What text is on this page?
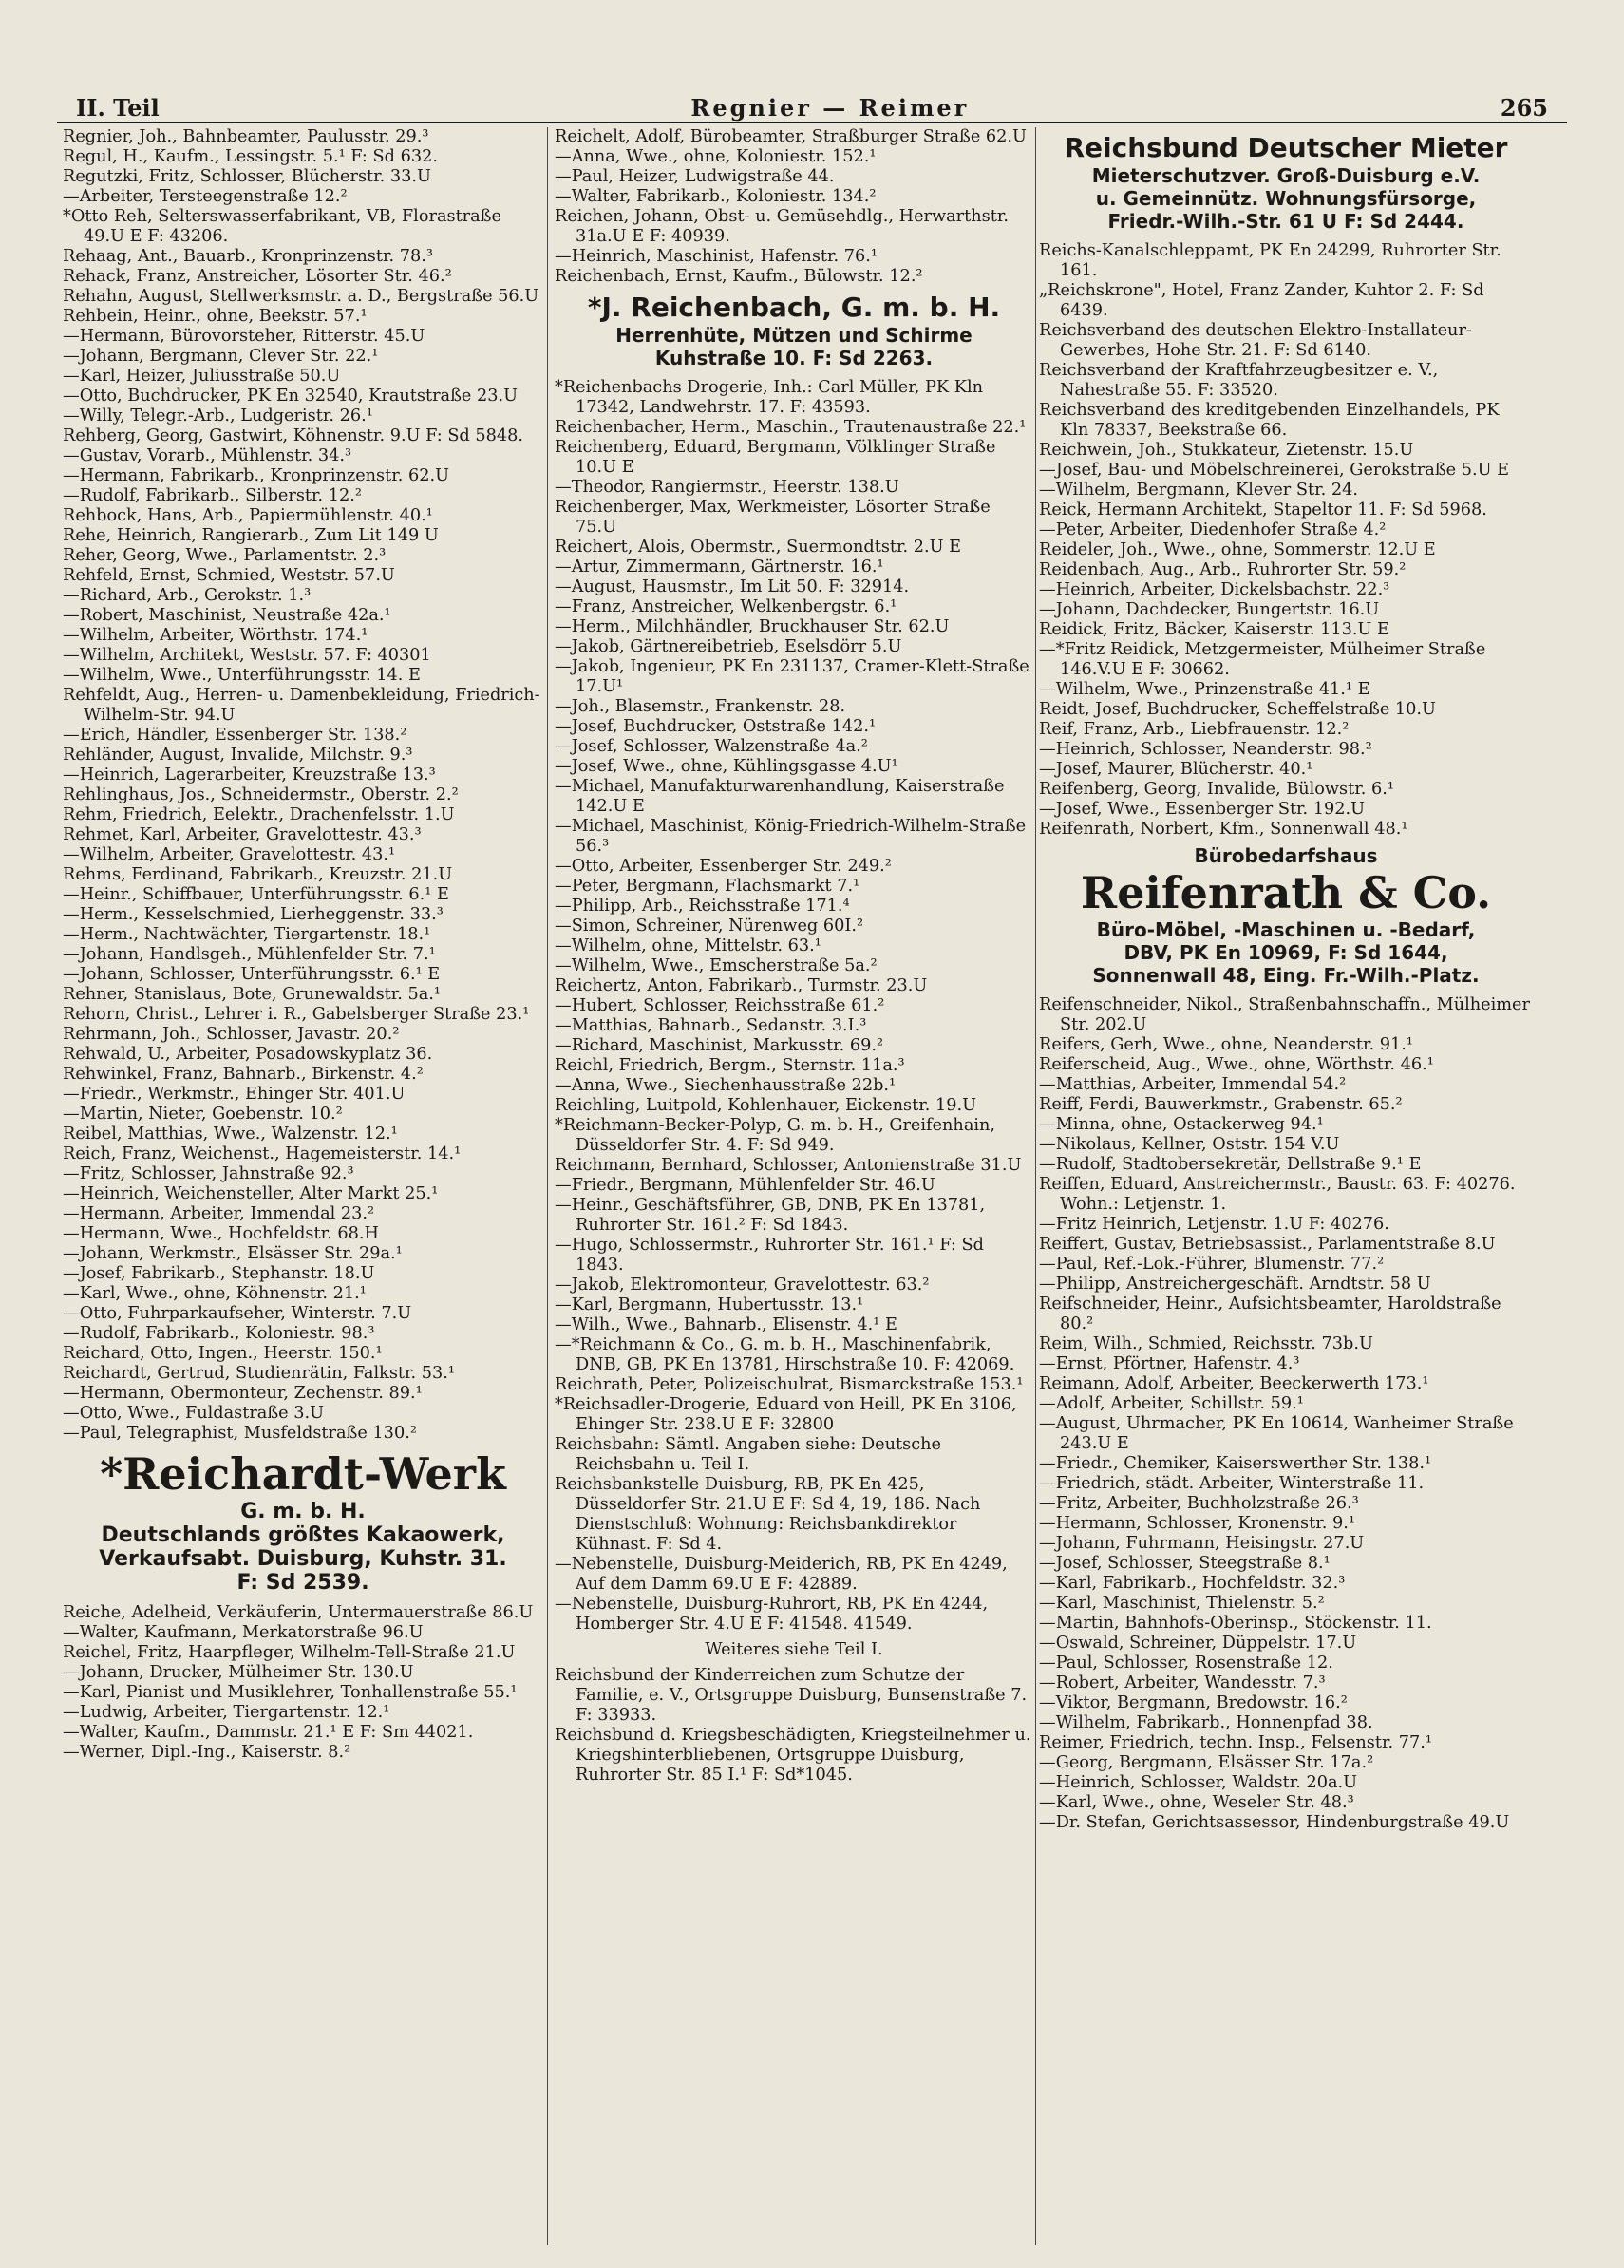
II. Teil	Regnier — Reimer	265
Regnier, Joh., Bahnbeamter, Paulusstr. 29.³
Regul, H., Kaufm., Lessingstr. 5.¹ F: Sd 632.
Regutzki, Fritz, Schlosser, Blücherstr. 33.U
—Arbeiter, Tersteegenstraße 12.²
*Otto Reh, Selterswasserfabrikant, VB, Florastraße 49.U E F: 43206.
Rehaag, Ant., Bauarb., Kronprinzenstr. 78.³
Rehack, Franz, Anstreicher, Lösorter Str. 46.²
Rehahn, August, Stellwerksmstr. a. D., Bergstraße 56.U
Rehbein, Heinr., ohne, Beekstr. 57.¹
—Hermann, Bürovorsteher, Ritterstr. 45.U
—Johann, Bergmann, Clever Str. 22.¹
—Karl, Heizer, Juliusstraße 50.U
—Otto, Buchdrucker, PK En 32540, Krautstraße 23.U
—Willy, Telegr.-Arb., Ludgeristr. 26.¹
Rehberg, Georg, Gastwirt, Köhnenstr. 9.U F: Sd 5848.
—Gustav, Vorarb., Mühlenstr. 34.³
—Hermann, Fabrikarb., Kronprinzenstr. 62.U
—Rudolf, Fabrikarb., Silberstr. 12.²
Rehbock, Hans, Arb., Papiermühlenstr. 40.¹
Rehe, Heinrich, Rangierarb., Zum Lit 149 U
Reher, Georg, Wwe., Parlamentstr. 2.³
Rehfeld, Ernst, Schmied, Weststr. 57.U
—Richard, Arb., Gerokstr. 1.³
—Robert, Maschinist, Neustraße 42a.¹
—Wilhelm, Arbeiter, Wörthstr. 174.¹
—Wilhelm, Architekt, Weststr. 57. F: 40301
—Wilhelm, Wwe., Unterführungsstr. 14. E
Rehfeldt, Aug., Herren- u. Damenbekleidung, Friedrich-Wilhelm-Str. 94.U
—Erich, Händler, Essenberger Str. 138.²
Rehländer, August, Invalide, Milchstr. 9.³
—Heinrich, Lagerarbeiter, Kreuzstraße 13.³
Rehlinghaus, Jos., Schneidermstr., Oberstr. 2.²
Rehm, Friedrich, Eelektr., Drachenfelsstr. 1.U
Rehmet, Karl, Arbeiter, Gravelottestr. 43.³
—Wilhelm, Arbeiter, Gravelottestr. 43.¹
Rehms, Ferdinand, Fabrikarb., Kreuzstr. 21.U
—Heinr., Schiffbauer, Unterführungsstr. 6.¹ E
—Herm., Kesselschmied, Lierheggenstr. 33.³
—Herm., Nachtwächter, Tiergartenstr. 18.¹
—Johann, Handlsgeh., Mühlenfelder Str. 7.¹
—Johann, Schlosser, Unterführungsstr. 6.¹ E
Rehner, Stanislaus, Bote, Grunewaldstr. 5a.¹
Rehorn, Christ., Lehrer i. R., Gabelsberger Straße 23.¹
Rehrmann, Joh., Schlosser, Javastr. 20.²
Rehwald, U., Arbeiter, Posadowskyplatz 36.
Rehwinkel, Franz, Bahnarb., Birkenstr. 4.²
—Friedr., Werkmstr., Ehinger Str. 401.U
—Martin, Nieter, Goebenstr. 10.²
Reibel, Matthias, Wwe., Walzenstr. 12.¹
Reich, Franz, Weichenst., Hagemeisterstr. 14.¹
—Fritz, Schlosser, Jahnstraße 92.³
—Heinrich, Weichensteller, Alter Markt 25.¹
—Hermann, Arbeiter, Immendal 23.²
—Hermann, Wwe., Hochfeldstr. 68.H
—Johann, Werkmstr., Elsässer Str. 29a.¹
—Josef, Fabrikarb., Stephanstr. 18.U
—Karl, Wwe., ohne, Köhnenstr. 21.¹
—Otto, Fuhrparkaufseher, Winterstr. 7.U
—Rudolf, Fabrikarb., Koloniestr. 98.³
Reichard, Otto, Ingen., Heerstr. 150.¹
Reichardt, Gertrud, Studienrätin, Falkstr. 53.¹
—Hermann, Obermonteur, Zechenstr. 89.¹
—Otto, Wwe., Fuldastraße 3.U
—Paul, Telegraphist, Musfeldstraße 130.²
*Reichardt-Werk
G. m. b. H.
Deutschlands größtes Kakaowerk,
Verkaufsabt. Duisburg, Kuhstr. 31.
F: Sd 2539.
Reiche, Adelheid, Verkäuferin, Untermauerstraße 86.U
—Walter, Kaufmann, Merkatorstraße 96.U
Reichel, Fritz, Haarpfleger, Wilhelm-Tell-Straße 21.U
—Johann, Drucker, Mülheimer Str. 130.U
—Karl, Pianist und Musiklehrer, Tonhallenstraße 55.¹
—Ludwig, Arbeiter, Tiergartenstr. 12.¹
—Walter, Kaufm., Dammstr. 21.¹ E F: Sm 44021.
—Werner, Dipl.-Ing., Kaiserstr. 8.²
Reichelt, Adolf, Bürobeamter, Straßburger Straße 62.U
—Anna, Wwe., ohne, Koloniestr. 152.¹
—Paul, Heizer, Ludwigstraße 44.
—Walter, Fabrikarb., Koloniestr. 134.²
Reichen, Johann, Obst- u. Gemüsehdlg., Herwarthstr. 31a.U E F: 40939.
—Heinrich, Maschinist, Hafenstr. 76.¹
Reichenbach, Ernst, Kaufm., Bülowstr. 12.²
*J. Reichenbach, G. m. b. H.
Herrenhüte, Mützen und Schirme
Kuhstraße 10. F: Sd 2263.
*Reichenbachs Drogerie, Inh.: Carl Müller, PK Kln 17342, Landwehrstr. 17. F: 43593.
Reichenbacher, Herm., Maschin., Trautenaustraße 22.¹
Reichenberg, Eduard, Bergmann, Völklinger Straße 10.U E
—Theodor, Rangiermstr., Heerstr. 138.U
Reichenberger, Max, Werkmeister, Lösorter Straße 75.U
Reichert, Alois, Obermstr., Suermondtstr. 2.U E
—Artur, Zimmermann, Gärtnerstr. 16.¹
—August, Hausmstr., Im Lit 50. F: 32914.
—Franz, Anstreicher, Welkenbergstr. 6.¹
—Herm., Milchhändler, Bruckhauser Str. 62.U
—Jakob, Gärtnereibetrieb, Eselsdörr 5.U
—Jakob, Ingenieur, PK En 231137, Cramer-Klett-Straße 17.U¹
—Joh., Blasemstr., Frankenstr. 28.
—Josef, Buchdrucker, Oststraße 142.¹
—Josef, Schlosser, Walzenstraße 4a.²
—Josef, Wwe., ohne, Kühlingsgasse 4.U¹
—Michael, Manufakturwarenhandlung, Kaiserstraße 142.U E
—Michael, Maschinist, König-Friedrich-Wilhelm-Straße 56.³
—Otto, Arbeiter, Essenberger Str. 249.²
—Peter, Bergmann, Flachsmarkt 7.¹
—Philipp, Arb., Reichsstraße 171.⁴
—Simon, Schreiner, Nürenweg 60I.²
—Wilhelm, ohne, Mittelstr. 63.¹
—Wilhelm, Wwe., Emscherstraße 5a.²
Reichertz, Anton, Fabrikarb., Turmstr. 23.U
—Hubert, Schlosser, Reichsstraße 61.²
—Matthias, Bahnarb., Sedanstr. 3.I.³
—Richard, Maschinist, Markusstr. 69.²
Reichl, Friedrich, Bergm., Sternstr. 11a.³
—Anna, Wwe., Siechenhausstraße 22b.¹
Reichling, Luitpold, Kohlenhauer, Eickenstr. 19.U
*Reichmann-Becker-Polyp, G. m. b. H., Greifenhain, Düsseldorfer Str. 4. F: Sd 949.
Reichmann, Bernhard, Schlosser, Antonienstraße 31.U
—Friedr., Bergmann, Mühlenfelder Str. 46.U
—Heinr., Geschäftsführer, GB, DNB, PK En 13781, Ruhrorter Str. 161.² F: Sd 1843.
—Hugo, Schlossermstr., Ruhrorter Str. 161.¹ F: Sd 1843.
—Jakob, Elektromonteur, Gravelottestr. 63.²
—Karl, Bergmann, Hubertusstr. 13.¹
—Wilh., Wwe., Bahnarb., Elisenstr. 4.¹ E
—*Reichmann & Co., G. m. b. H., Maschinenfabrik, DNB, GB, PK En 13781, Hirschstraße 10. F: 42069.
Reichrath, Peter, Polizeischulrat, Bismarckstraße 153.¹
*Reichsadler-Drogerie, Eduard von Heill, PK En 3106, Ehinger Str. 238.U E F: 32800
Reichsbahn: Sämtl. Angaben siehe: Deutsche Reichsbahn u. Teil I.
Reichsbankstelle Duisburg, RB, PK En 425, Düsseldorfer Str. 21.U E F: Sd 4, 19, 186. Nach Dienstschluß: Wohnung: Reichsbankdirektor Kühnast. F: Sd 4.
—Nebenstelle, Duisburg-Meiderich, RB, PK En 4249, Auf dem Damm 69.U E F: 42889.
—Nebenstelle, Duisburg-Ruhrort, RB, PK En 4244, Homberger Str. 4.U E F: 41548. 41549.
Weiteres siehe Teil I.
Reichsbund der Kinderreichen zum Schutze der Familie, e. V., Ortsgruppe Duisburg, Bunsenstraße 7. F: 33933.
Reichsbund d. Kriegsbeschädigten, Kriegsteilnehmer u. Kriegshinterbliebenen, Ortsgruppe Duisburg, Ruhrorter Str. 85 I.¹ F: Sd*1045.
Reichsbund Deutscher Mieter
Mieterschutzver. Groß-Duisburg e.V.
u. Gemeinnütz. Wohnungsfürsorge,
Friedr.-Wilh.-Str. 61 U F: Sd 2444.
Reichs-Kanalschleppamt, PK En 24299, Ruhrorter Str. 161.
„Reichskrone", Hotel, Franz Zander, Kuhtor 2. F: Sd 6439.
Reichsverband des deutschen Elektro-Installateur-Gewerbes, Hohe Str. 21. F: Sd 6140.
Reichsverband der Kraftfahrzeugbesitzer e. V., Nahestraße 55. F: 33520.
Reichsverband des kreditgebenden Einzelhandels, PK Kln 78337, Beekstraße 66.
Reichwein, Joh., Stukkateur, Zietenstr. 15.U
—Josef, Bau- und Möbelschreinerei, Gerokstraße 5.U E
—Wilhelm, Bergmann, Klever Str. 24.
Reick, Hermann Architekt, Stapeltor 11. F: Sd 5968.
—Peter, Arbeiter, Diedenhofer Straße 4.²
Reideler, Joh., Wwe., ohne, Sommerstr. 12.U E
Reidenbach, Aug., Arb., Ruhrorter Str. 59.²
—Heinrich, Arbeiter, Dickelsbachstr. 22.³
—Johann, Dachdecker, Bungertstr. 16.U
Reidick, Fritz, Bäcker, Kaiserstr. 113.U E
—*Fritz Reidick, Metzgermeister, Mülheimer Straße 146.V.U E F: 30662.
—Wilhelm, Wwe., Prinzenstraße 41.¹ E
Reidt, Josef, Buchdrucker, Scheffelstraße 10.U
Reif, Franz, Arb., Liebfrauenstr. 12.²
—Heinrich, Schlosser, Neanderstr. 98.²
—Josef, Maurer, Blücherstr. 40.¹
Reifenberg, Georg, Invalide, Bülowstr. 6.¹
—Josef, Wwe., Essenberger Str. 192.U
Reifenrath, Norbert, Kfm., Sonnenwall 48.¹
Bürobedarfshaus
Reifenrath & Co.
Büro-Möbel, -Maschinen u. -Bedarf,
DBV, PK En 10969, F: Sd 1644,
Sonnenwall 48, Eing. Fr.-Wilh.-Platz.
Reifenschneider, Nikol., Straßenbahnschaffn., Mülheimer Str. 202.U
Reifers, Gerh, Wwe., ohne, Neanderstr. 91.¹
Reiferscheid, Aug., Wwe., ohne, Wörthstr. 46.¹
—Matthias, Arbeiter, Immendal 54.²
Reiff, Ferdi, Bauwerkmstr., Grabenstr. 65.²
—Minna, ohne, Ostackerweg 94.¹
—Nikolaus, Kellner, Oststr. 154 V.U
—Rudolf, Stadtobersekretär, Dellstraße 9.¹ E
Reiffen, Eduard, Anstreichermstr., Baustr. 63. F: 40276. Wohn.: Letjenstr. 1.
—Fritz Heinrich, Letjenstr. 1.U F: 40276.
Reiffert, Gustav, Betriebsassist., Parlamentstraße 8.U
—Paul, Ref.-Lok.-Führer, Blumenstr. 77.²
—Philipp, Anstreichergeschäft. Arndtstr. 58 U
Reifschneider, Heinr., Aufsichtsbeamter, Haroldstraße 80.²
Reim, Wilh., Schmied, Reichsstr. 73b.U
—Ernst, Pförtner, Hafenstr. 4.³
Reimann, Adolf, Arbeiter, Beeckerwerth 173.¹
—Adolf, Arbeiter, Schillstr. 59.¹
—August, Uhrmacher, PK En 10614, Wanheimer Straße 243.U E
—Friedr., Chemiker, Kaiserswerther Str. 138.¹
—Friedrich, städt. Arbeiter, Winterstraße 11.
—Fritz, Arbeiter, Buchholzstraße 26.³
—Hermann, Schlosser, Kronenstr. 9.¹
—Johann, Fuhrmann, Heisingstr. 27.U
—Josef, Schlosser, Steegstraße 8.¹
—Karl, Fabrikarb., Hochfeldstr. 32.³
—Karl, Maschinist, Thielenstr. 5.²
—Martin, Bahnhofs-Oberinsp., Stöckenstr. 11.
—Oswald, Schreiner, Düppelstr. 17.U
—Paul, Schlosser, Rosenstraße 12.
—Robert, Arbeiter, Wandesstr. 7.³
—Viktor, Bergmann, Bredowstr. 16.²
—Wilhelm, Fabrikarb., Honnenpfad 38.
Reimer, Friedrich, techn. Insp., Felsenstr. 77.¹
—Georg, Bergmann, Elsässer Str. 17a.²
—Heinrich, Schlosser, Waldstr. 20a.U
—Karl, Wwe., ohne, Weseler Str. 48.³
—Dr. Stefan, Gerichtsassessor, Hindenburgstraße 49.U
